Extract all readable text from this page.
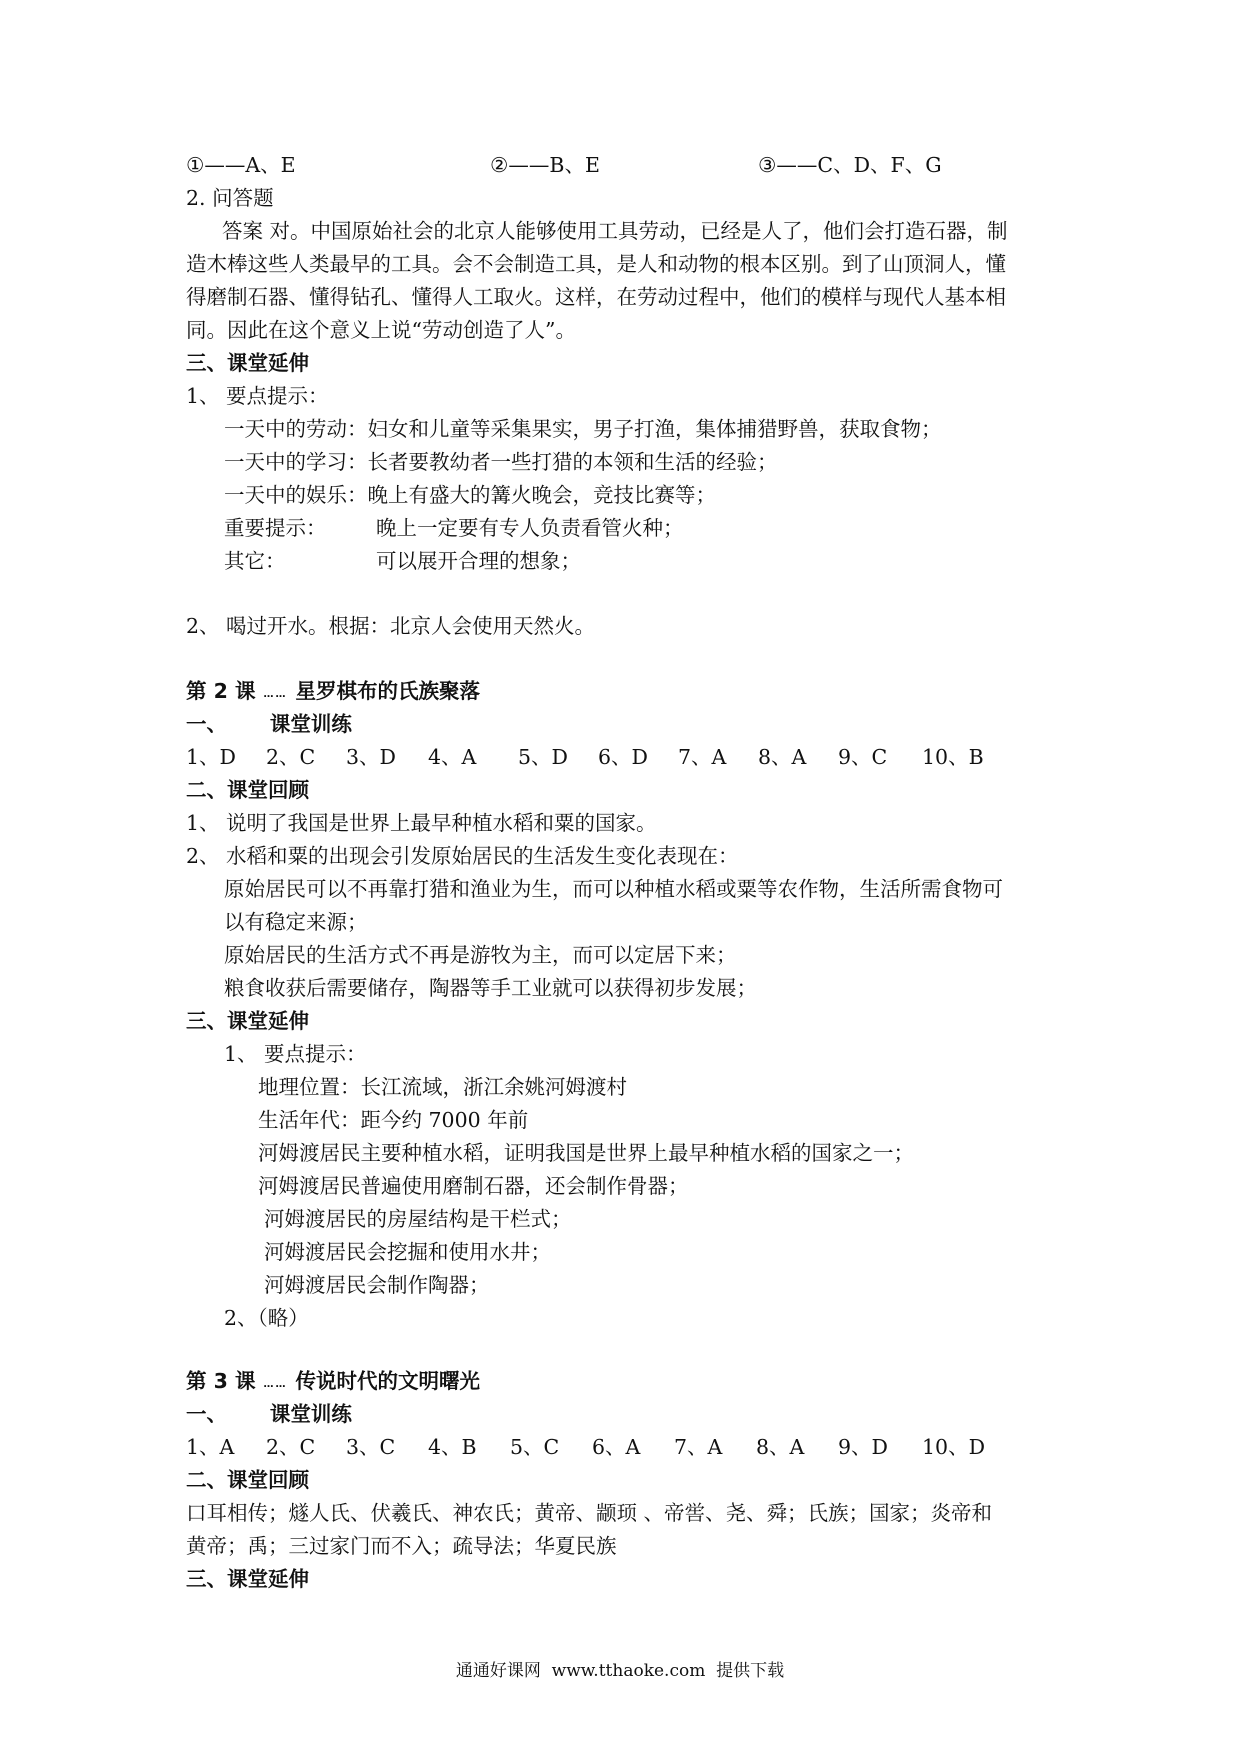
①——A、E	②——B、E	③——C、D、F、G
2. 问答题
答案 对。中国原始社会的北京人能够使用工具劳动，已经是人了，他们会打造石器，制
造木棒这些人类最早的工具。会不会制造工具，是人和动物的根本区别。到了山顶洞人，懂
得磨制石器、懂得钻孔、懂得人工取火。这样，在劳动过程中，他们的模样与现代人基本相
同。因此在这个意义上说“劳动创造了人”。
三、课堂延伸
1、 要点提示：
一天中的劳动：妇女和儿童等采集果实，男子打渔，集体捕猎野兽，获取食物；
一天中的学习：长者要教幼者一些打猎的本领和生活的经验；
一天中的娱乐：晚上有盛大的篝火晚会，竞技比赛等；
重要提示： 晚上一定要有专人负责看管火种；
其它：	可以展开合理的想象；
2、 喝过开水。根据：北京人会使用天然火。
第 2 课 …… 星罗棋布的氏族聚落
一、      课堂训练
1、D 2、C 3、D 4、A 5、D 6、D 7、A 8、A 9、C 10、B
二、课堂回顾
1、 说明了我国是世界上最早种植水稻和粟的国家。
2、 水稻和粟的出现会引发原始居民的生活发生变化表现在：
原始居民可以不再靠打猎和渔业为生，而可以种植水稻或粟等农作物，生活所需食物可
以有稳定来源；
原始居民的生活方式不再是游牧为主，而可以定居下来；
粮食收获后需要储存，陶器等手工业就可以获得初步发展；
三、课堂延伸
1、 要点提示：
地理位置：长江流域，浙江余姚河姆渡村
生活年代：距今约 7000 年前
河姆渡居民主要种植水稻，证明我国是世界上最早种植水稻的国家之一；
河姆渡居民普遍使用磨制石器，还会制作骨器；
河姆渡居民的房屋结构是干栏式；
河姆渡居民会挖掘和使用水井；
河姆渡居民会制作陶器；
2、（略）
第 3 课 …… 传说时代的文明曙光
一、      课堂训练
1、A 2、C 3、C 4、B 5、C 6、A 7、A 8、A 9、D 10、D
二、课堂回顾
口耳相传；燧人氏、伏羲氏、神农氏；黄帝、颛顼 、帝喾、尧、舜；氏族；国家；炎帝和
黄帝；禹；三过家门而不入；疏导法；华夏民族
三、课堂延伸
通通好课网  www.tthaoke.com  提供下载
